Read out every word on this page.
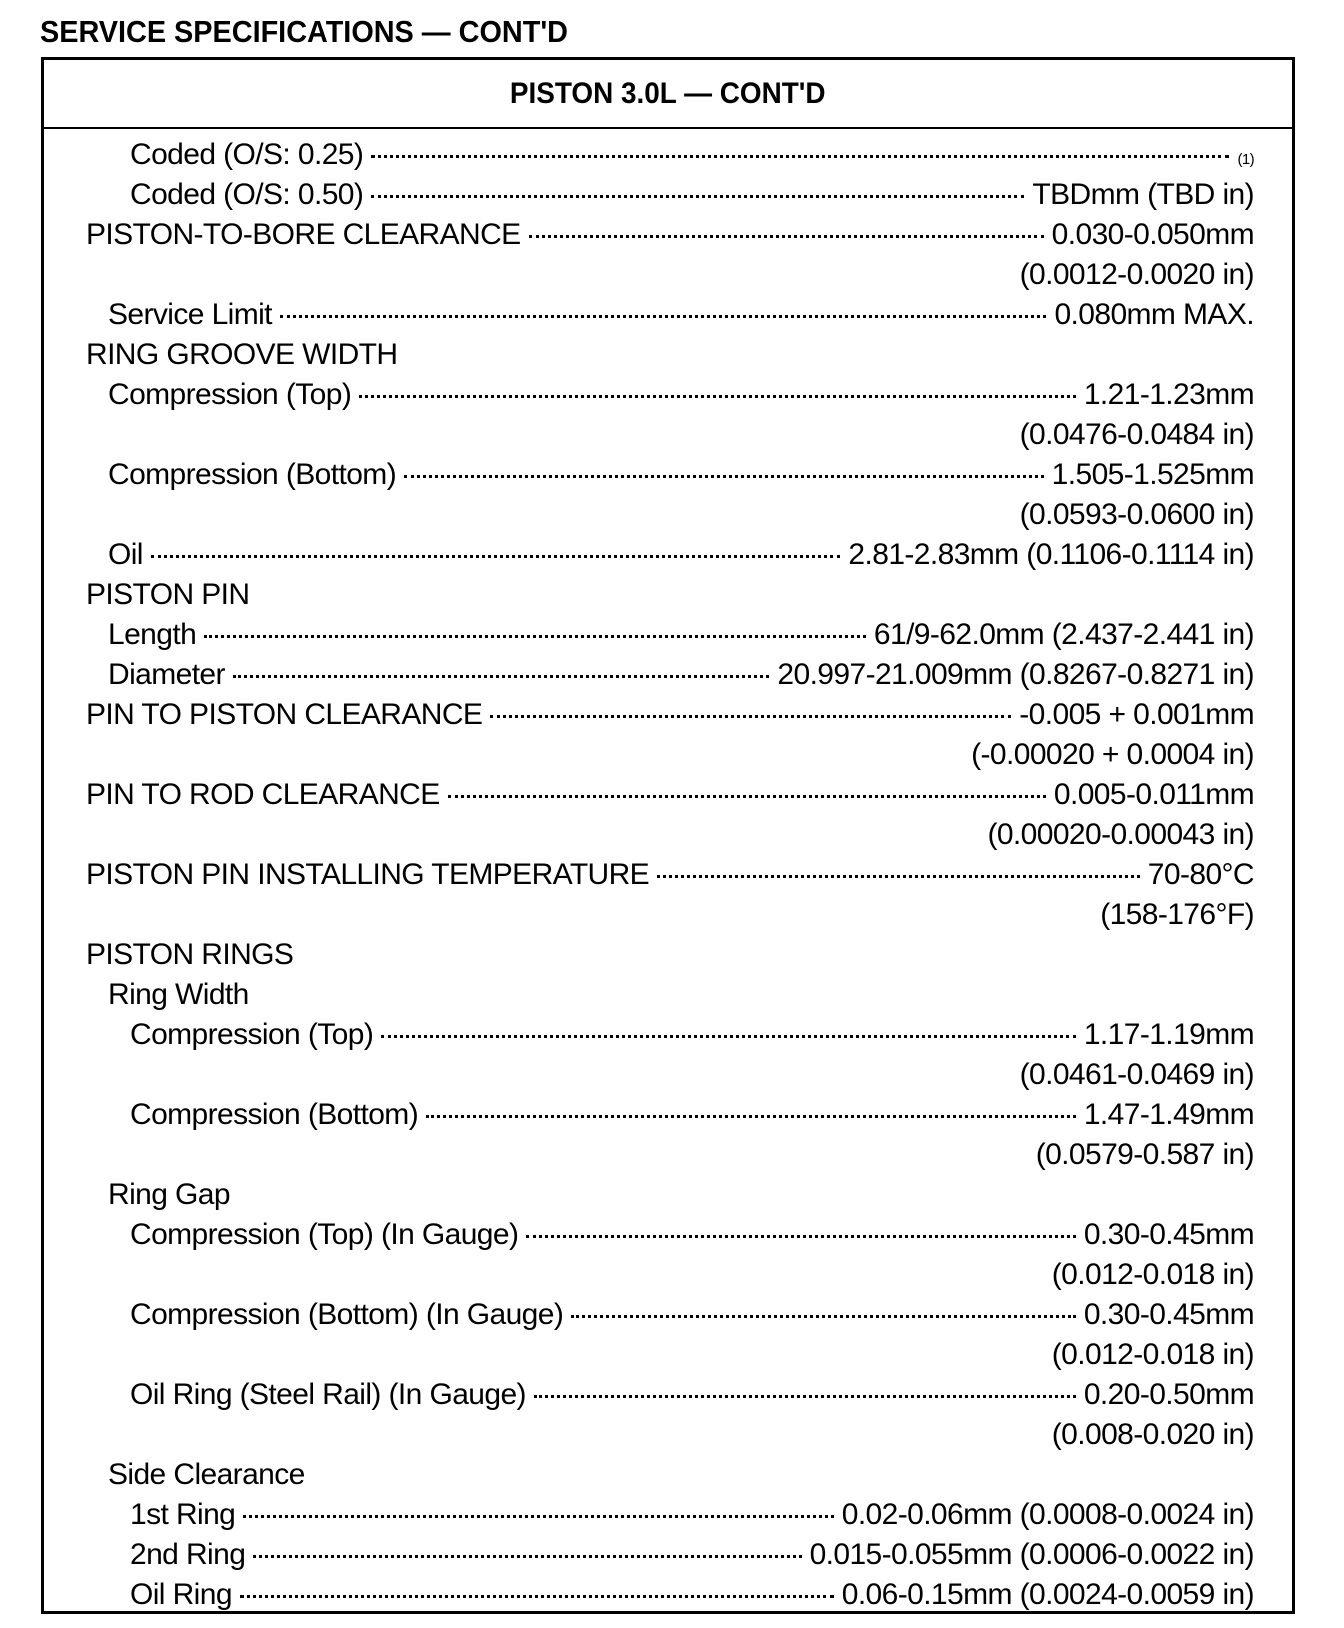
SERVICE SPECIFICATIONS — CONT'D
PISTON 3.0L — CONT'D
Coded (O/S: 0.25)	(1)
Coded (O/S: 0.50)	TBDmm (TBD in)
PISTON-TO-BORE CLEARANCE	0.030-0.050mm
(0.0012-0.0020 in)
Service Limit	0.080mm MAX.
RING GROOVE WIDTH
Compression (Top)	1.21-1.23mm
(0.0476-0.0484 in)
Compression (Bottom)	1.505-1.525mm
(0.0593-0.0600 in)
Oil	2.81-2.83mm (0.1106-0.1114 in)
PISTON PIN
Length	61/9-62.0mm (2.437-2.441 in)
Diameter	20.997-21.009mm (0.8267-0.8271 in)
PIN TO PISTON CLEARANCE	-0.005 + 0.001mm
(-0.00020 + 0.0004 in)
PIN TO ROD CLEARANCE	0.005-0.011mm
(0.00020-0.00043 in)
PISTON PIN INSTALLING TEMPERATURE	70-80°C
(158-176°F)
PISTON RINGS
Ring Width
Compression (Top)	1.17-1.19mm
(0.0461-0.0469 in)
Compression (Bottom)	1.47-1.49mm
(0.0579-0.587 in)
Ring Gap
Compression (Top) (In Gauge)	0.30-0.45mm
(0.012-0.018 in)
Compression (Bottom) (In Gauge)	0.30-0.45mm
(0.012-0.018 in)
Oil Ring (Steel Rail) (In Gauge)	0.20-0.50mm
(0.008-0.020 in)
Side Clearance
1st Ring	0.02-0.06mm (0.0008-0.0024 in)
2nd Ring	0.015-0.055mm (0.0006-0.0022 in)
Oil Ring	0.06-0.15mm (0.0024-0.0059 in)
